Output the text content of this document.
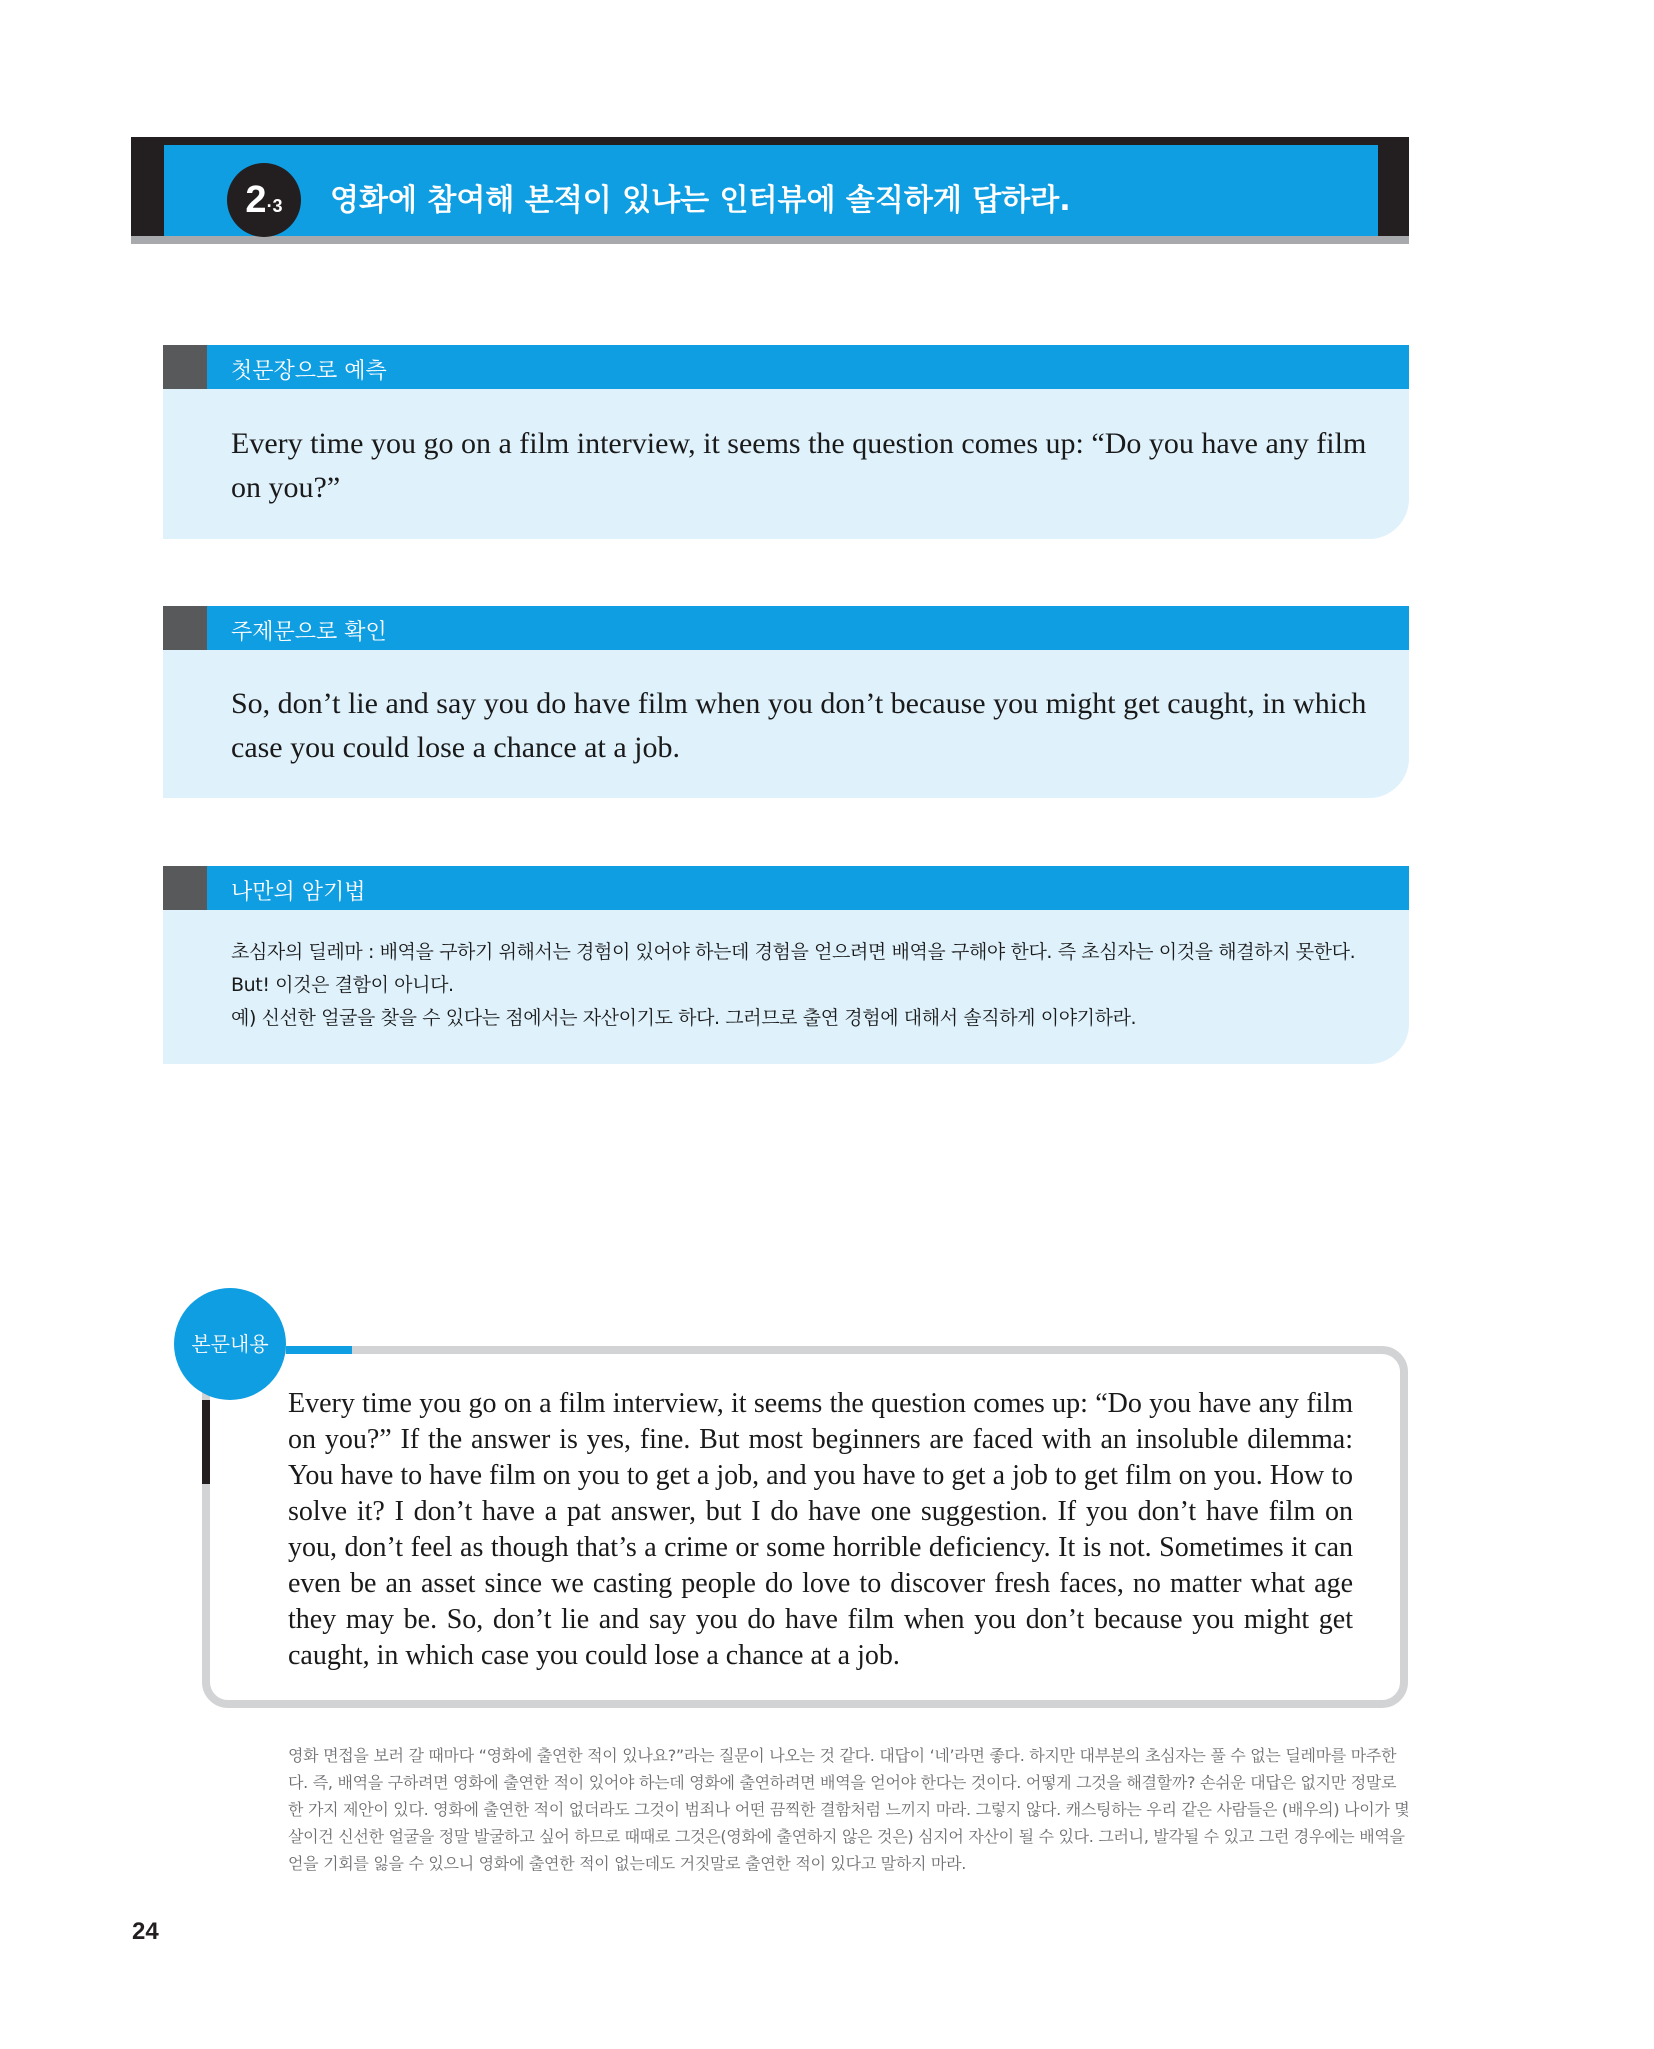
2·3	영화에 참여해 본적이 있냐는 인터뷰에 솔직하게 답하라.
첫문장으로 예측

Every time you go on a film interview, it seems the question comes up: “Do you have any film on you?”

주제문으로 확인

So, don’t lie and say you do have film when you don’t because you might get caught, in which case you could lose a chance at a job.

나만의 암기법

초심자의 딜레마 : 배역을 구하기 위해서는 경험이 있어야 하는데 경험을 얻으려면 배역을 구해야 한다. 즉 초심자는 이것을 해결하지 못한다. But! 이것은 결함이 아니다.

예) 신선한 얼굴을 찾을 수 있다는 점에서는 자산이기도 하다. 그러므로 출연 경험에 대해서 솔직하게 이야기하라.

본문내용

Every time you go on a film interview, it seems the question comes up: “Do you have any film on you?” If the answer is yes, fine. But most beginners are faced with an insoluble dilemma: You have to have film on you to get a job, and you have to get a job to get film on you. How to solve it? I don’t have a pat answer, but I do have one suggestion. If you don’t have film on you, don’t feel as though that’s a crime or some horrible deficiency. It is not. Sometimes it can even be an asset since we casting people do love to discover fresh faces, no matter what age they may be. So, don’t lie and say you do have film when you don’t because you might get caught, in which case you could lose a chance at a job.

영화 면접을 보러 갈 때마다 “영화에 출연한 적이 있나요?”라는 질문이 나오는 것 같다. 대답이 ‘네’라면 좋다. 하지만 대부분의 초심자는 풀 수 없는 딜레마를 마주한다. 즉, 배역을 구하려면 영화에 출연한 적이 있어야 하는데 영화에 출연하려면 배역을 얻어야 한다는 것이다. 어떻게 그것을 해결할까? 손쉬운 대답은 없지만 정말로 한 가지 제안이 있다. 영화에 출연한 적이 없더라도 그것이 범죄나 어떤 끔찍한 결함처럼 느끼지 마라. 그렇지 않다. 캐스팅하는 우리 같은 사람들은 (배우의) 나이가 몇 살이건 신선한 얼굴을 정말 발굴하고 싶어 하므로 때때로 그것은(영화에 출연하지 않은 것은) 심지어 자산이 될 수 있다. 그러니, 발각될 수 있고 그런 경우에는 배역을 얻을 기회를 잃을 수 있으니 영화에 출연한 적이 없는데도 거짓말로 출연한 적이 있다고 말하지 마라.

24
